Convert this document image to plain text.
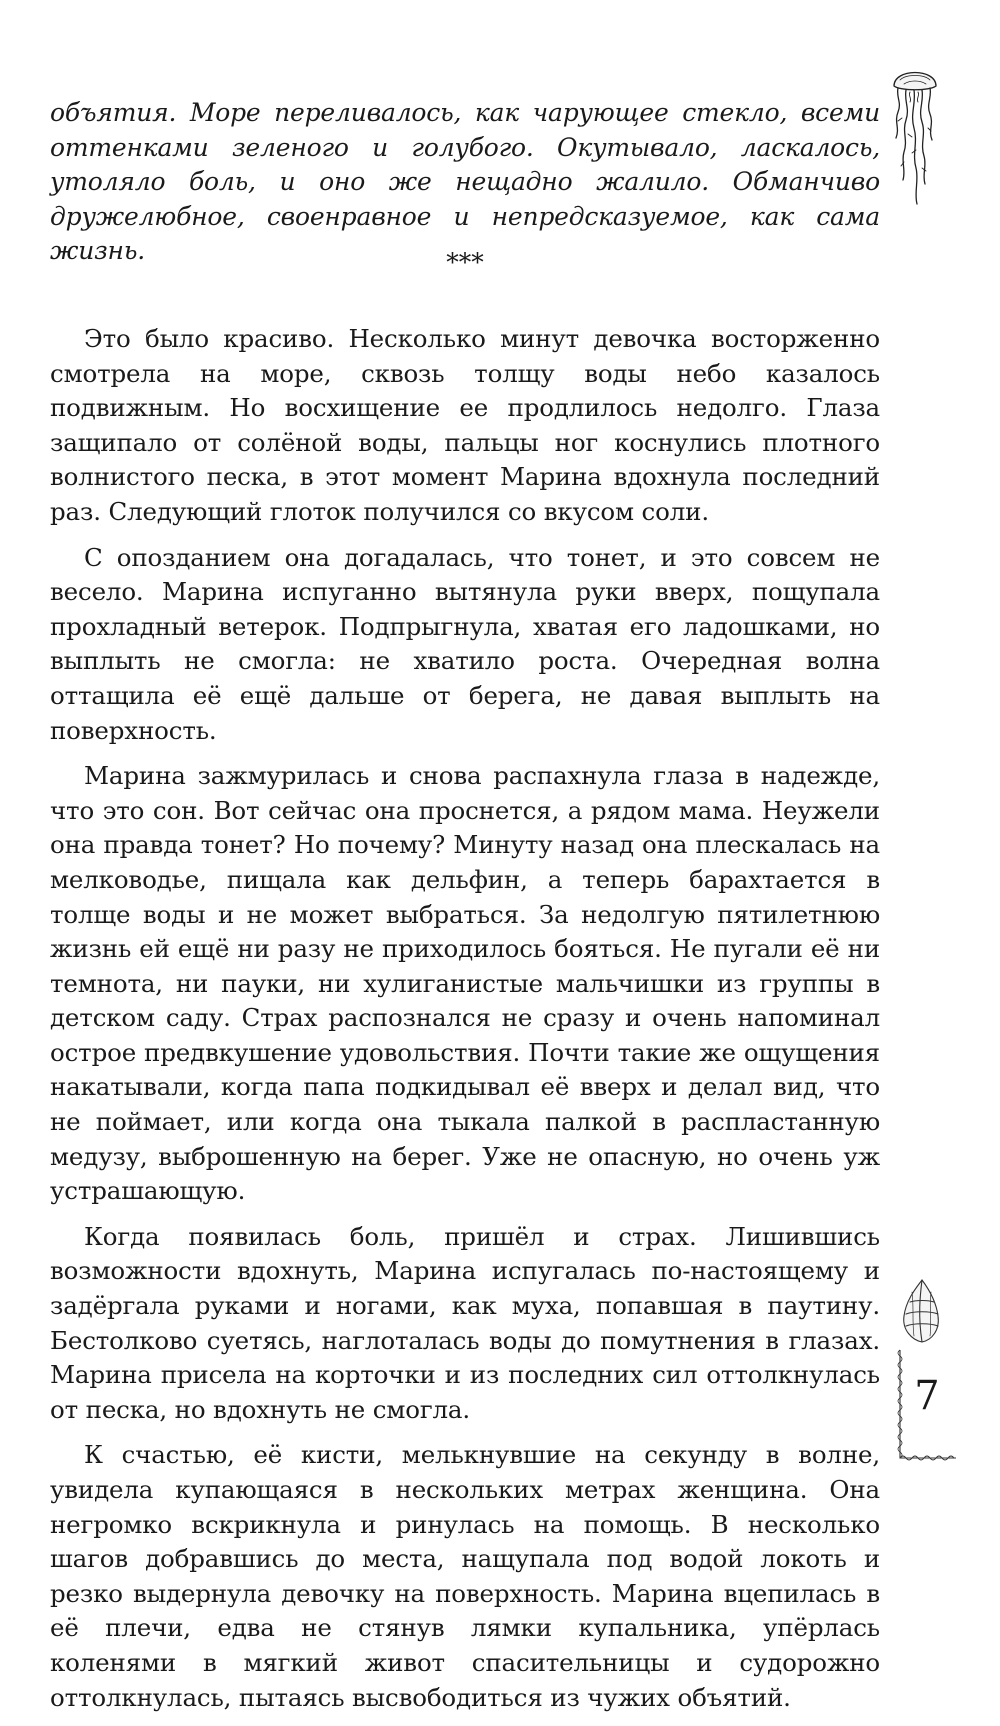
объятия. Море переливалось, как чарующее стекло, всеми оттенками зеленого и голубого. Окутывало, ласкалось, утоляло боль, и оно же нещадно жалило. Обманчиво дружелюбное, своенравное и непредсказуемое, как сама жизнь.	***

Это было красиво. Несколько минут девочка восторженно смотрела на море, сквозь толщу воды небо казалось подвижным. Но восхищение ее продлилось недолго. Глаза защипало от солёной воды, пальцы ног коснулись плотного волнистого песка, в этот момент Марина вдохнула последний раз. Следующий глоток получился со вкусом соли.

С опозданием она догадалась, что тонет, и это совсем не весело. Марина испуганно вытянула руки вверх, пощупала прохладный ветерок. Подпрыгнула, хватая его ладошками, но выплыть не смогла: не хватило роста. Очередная волна оттащила её ещё дальше от берега, не давая выплыть на поверхность.

Марина зажмурилась и снова распахнула глаза в надежде, что это сон. Вот сейчас она проснется, а рядом мама. Неужели она правда тонет? Но почему? Минуту назад она плескалась на мелководье, пищала как дельфин, а теперь барахтается в толще воды и не может выбраться. За недолгую пятилетнюю жизнь ей ещё ни разу не приходилось бояться. Не пугали её ни темнота, ни пауки, ни хулиганистые мальчишки из группы в детском саду. Страх распознался не сразу и очень напоминал острое предвкушение удовольствия. Почти такие же ощущения накатывали, когда папа подкидывал её вверх и делал вид, что не поймает, или когда она тыкала палкой в распластанную медузу, выброшенную на берег. Уже не опасную, но очень уж устрашающую.

Когда появилась боль, пришёл и страх. Лишившись возможности вдохнуть, Марина испугалась по-настоящему и задёргала руками и ногами, как муха, попавшая в паутину. Бестолково суетясь, наглоталась воды до помутнения в глазах. Марина присела на корточки и из последних сил оттолкнулась от песка, но вдохнуть не смогла.

К счастью, её кисти, мелькнувшие на секунду в волне, увидела купающаяся в нескольких метрах женщина. Она негромко вскрикнула и ринулась на помощь. В несколько шагов добравшись до места, нащупала под водой локоть и резко выдернула девочку на поверхность. Марина вцепилась в её плечи, едва не стянув лямки купальника, упёрлась коленями в мягкий живот спасительницы и судорожно оттолкнулась, пытаясь высвободиться из чужих объятий.

7
